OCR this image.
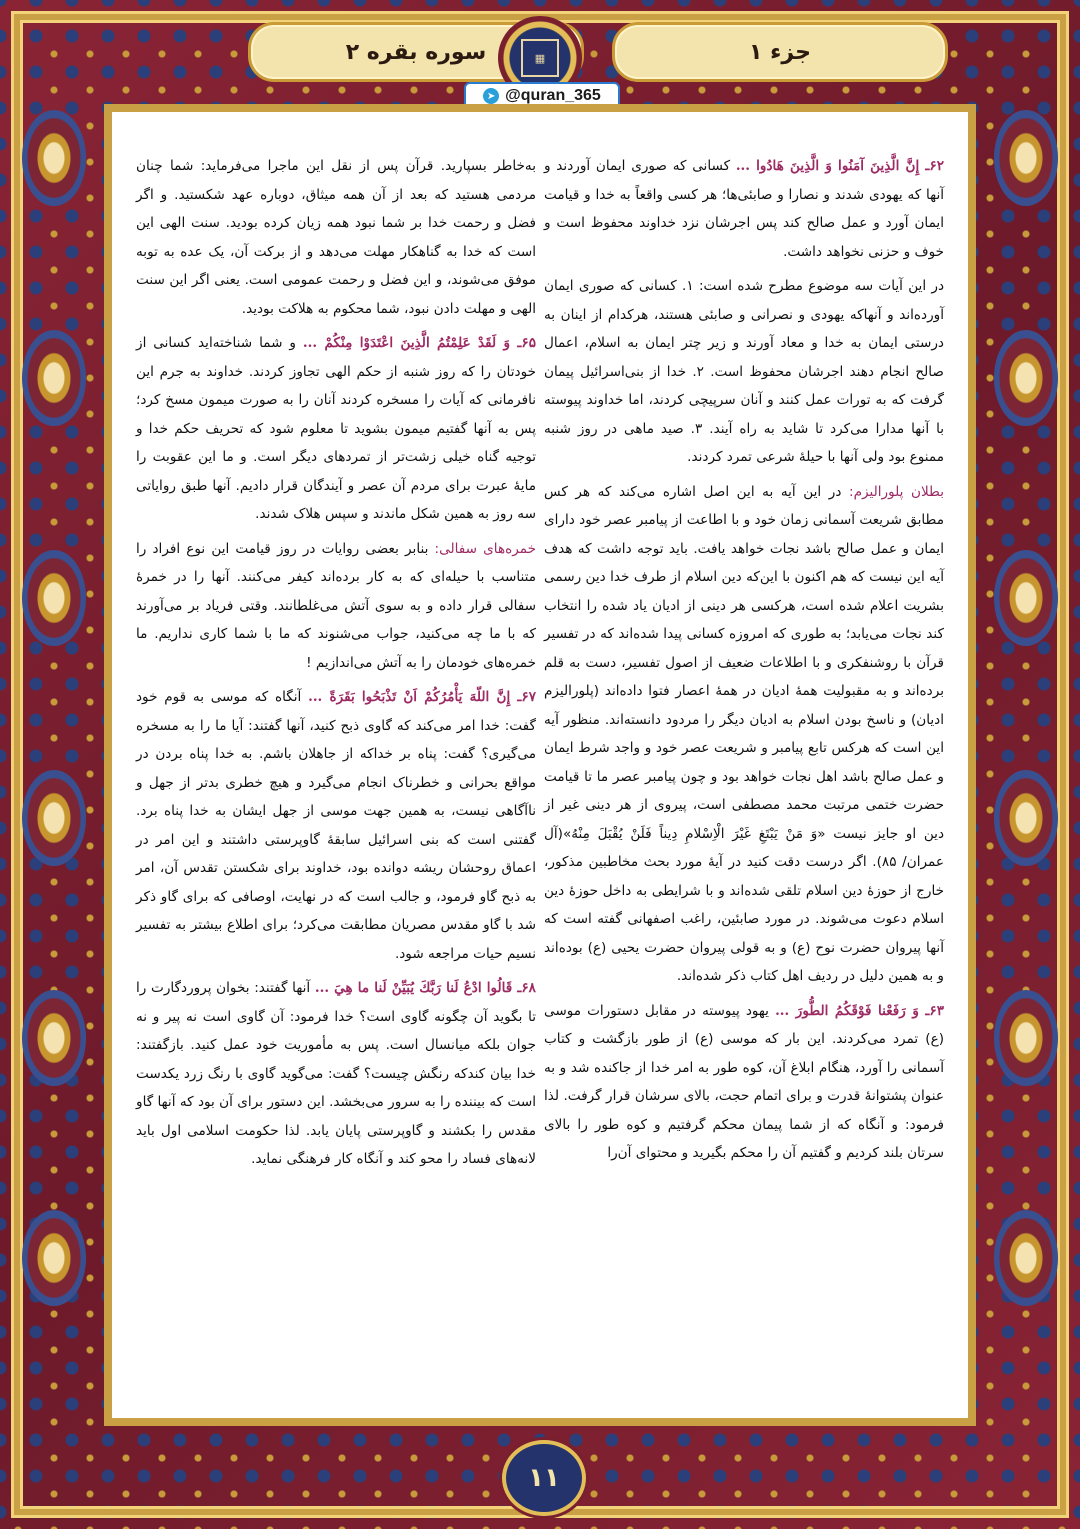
سوره بقره ۲	جزء ۱
▦
➤ @quran_365

۶۲ـ إِنَّ الَّذِينَ آمَنُوا وَ الَّذِينَ هَادُوا ... کسانی که صوری ایمان آوردند و آنها که یهودی شدند و نصارا و صابئی‌ها؛ هر کسی واقعاً به خدا و قیامت ایمان آورد و عمل صالح کند پس اجرشان نزد خداوند محفوظ است و خوف و حزنی نخواهد داشت.

در این آیات سه موضوع مطرح شده است: ۱. کسانی که صوری ایمان آورده‌اند و آنهاکه یهودی و نصرانی و صابئی هستند، هرکدام از اینان به درستی ایمان به خدا و معاد آورند و زیر چتر ایمان به اسلام، اعمال صالح انجام دهند اجرشان محفوظ است. ۲. خدا از بنی‌اسرائیل پیمان گرفت که به تورات عمل کنند و آنان سرپیچی کردند، اما خداوند پیوسته با آنها مدارا می‌کرد تا شاید به راه آیند. ۳. صید ماهی در روز شنبه ممنوع بود ولی آنها با حیلهٔ شرعی تمرد کردند.

بطلان پلورالیزم: در این آیه به این اصل اشاره می‌کند که هر کس مطابق شریعت آسمانی زمان خود و با اطاعت از پیامبر عصر خود دارای ایمان و عمل صالح باشد نجات خواهد یافت. باید توجه داشت که هدف آیه این نیست که هم اکنون با این‌که دین اسلام از طرف خدا دین رسمی بشریت اعلام شده است، هرکسی هر دینی از ادیان یاد شده را انتخاب کند نجات می‌یابد؛ به طوری که امروزه کسانی پیدا شده‌اند که در تفسیر قرآن با روشنفکری و با اطلاعات ضعیف از اصول تفسیر، دست به قلم برده‌اند و به مقبولیت همهٔ ادیان در همهٔ اعصار فتوا داده‌اند (پلورالیزم ادیان) و ناسخ بودن اسلام به ادیان دیگر را مردود دانسته‌اند. منظور آیه این است که هرکس تابع پیامبر و شریعت عصر خود و واجد شرط ایمان و عمل صالح باشد اهل نجات خواهد بود و چون پیامبر عصر ما تا قیامت حضرت ختمی مرتبت محمد مصطفی است، پیروی از هر دینی غیر از دین او جایز نیست «وَ مَنْ يَبْتَغِ غَيْرَ الْاِسْلامِ دِيناً فَلَنْ يُقْبَلَ مِنْهُ»(آل عمران/ ۸۵). اگر درست دقت کنید در آیهٔ مورد بحث مخاطبین مذکور، خارج از حوزهٔ دین اسلام تلقی شده‌اند و با شرایطی به داخل حوزهٔ دین اسلام دعوت می‌شوند. در مورد صابئین، راغب اصفهانی گفته است که آنها پیروان حضرت نوح (ع) و به قولی پیروان حضرت یحیی (ع) بوده‌اند و به همین دلیل در ردیف اهل کتاب ذکر شده‌اند.

۶۳ـ وَ رَفَعْنا فَوْقَكُمُ الطُّورَ ... یهود پیوسته در مقابل دستورات موسی (ع) تمرد می‌کردند. این بار که موسی (ع) از طور بازگشت و کتاب آسمانی را آورد، هنگام ابلاغ آن، کوه طور به امر خدا از جاکنده شد و به عنوان پشتوانهٔ قدرت و برای اتمام حجت، بالای سرشان قرار گرفت. لذا فرمود: و آنگاه که از شما پیمان محکم گرفتیم و کوه طور را بالای سرتان بلند کردیم و گفتیم آن را محکم بگیرید و محتوای آن‌را

به‌خاطر بسپارید. قرآن پس از نقل این ماجرا می‌فرماید: شما چنان مردمی هستید که بعد از آن همه میثاق، دوباره عهد شکستید. و اگر فضل و رحمت خدا بر شما نبود همه زیان کرده بودید. سنت الهی این است که خدا به گناهکار مهلت می‌دهد و از برکت آن، یک عده به توبه موفق می‌شوند، و این فضل و رحمت عمومی است. یعنی اگر این سنت الهی و مهلت دادن نبود، شما محکوم به هلاکت بودید.

۶۵ـ وَ لَقَدْ عَلِمْتُمُ الَّذِينَ اعْتَدَوْا مِنْكُمْ ... و شما شناخته‌اید کسانی از خودتان را که روز شنبه از حکم الهی تجاوز کردند. خداوند به جرم این نافرمانی که آیات را مسخره کردند آنان را به صورت میمون مسخ کرد؛ پس به آنها گفتیم میمون بشوید تا معلوم شود که تحریف حکم خدا و توجیه گناه خیلی زشت‌تر از تمردهای دیگر است. و ما این عقوبت را مایهٔ عبرت برای مردم آن عصر و آیندگان قرار دادیم. آنها طبق روایاتی سه روز به همین شکل ماندند و سپس هلاک شدند.

خمره‌های سفالی: بنابر بعضی روایات در روز قیامت این نوع افراد را متناسب با حیله‌ای که به کار برده‌اند کیفر می‌کنند. آنها را در خمرهٔ سفالی قرار داده و به سوی آتش می‌غلطانند. وقتی فریاد بر می‌آورند که با ما چه می‌کنید، جواب می‌شنوند که ما با شما کاری نداریم. ما خمره‌های خودمان را به آتش می‌اندازیم !

۶۷ـ إِنَّ اللّهَ يَأْمُرُكُمْ اَنْ تَذْبَحُوا بَقَرَةً ... آنگاه که موسی به قوم خود گفت: خدا امر می‌کند که گاوی ذبح کنید، آنها گفتند: آیا ما را به مسخره می‌گیری؟ گفت: پناه بر خداکه از جاهلان باشم. به خدا پناه بردن در مواقع بحرانی و خطرناک انجام می‌گیرد و هیچ خطری بدتر از جهل و ناآگاهی نیست، به همین جهت موسی از جهل ایشان به خدا پناه برد. گفتنی است که بنی اسرائیل سابقهٔ گاوپرستی داشتند و این امر در اعماق روحشان ریشه دوانده بود، خداوند برای شکستن تقدس آن، امر به ذبح گاو فرمود، و جالب است که در نهایت، اوصافی که برای گاو ذکر شد با گاو مقدس مصریان مطابقت می‌کرد؛ برای اطلاع بیشتر به تفسیر نسیم حیات مراجعه شود.

۶۸ـ قَالُوا ادْعُ لَنا رَبَّكَ يُبَيِّنْ لَنا ما هِيَ ... آنها گفتند: بخوان پروردگارت را تا بگوید آن چگونه گاوی است؟ خدا فرمود: آن گاوی است نه پیر و نه جوان بلکه میانسال است. پس به مأموریت خود عمل کنید. بازگفتند: خدا بیان کندکه رنگش چیست؟ گفت: می‌گوید گاوی با رنگ زرد یکدست است که بیننده را به سرور می‌بخشد. این دستور برای آن بود که آنها گاو مقدس را بکشند و گاوپرستی پایان یابد. لذا حکومت اسلامی اول باید لانه‌های فساد را محو کند و آنگاه کار فرهنگی نماید.

۱۱
